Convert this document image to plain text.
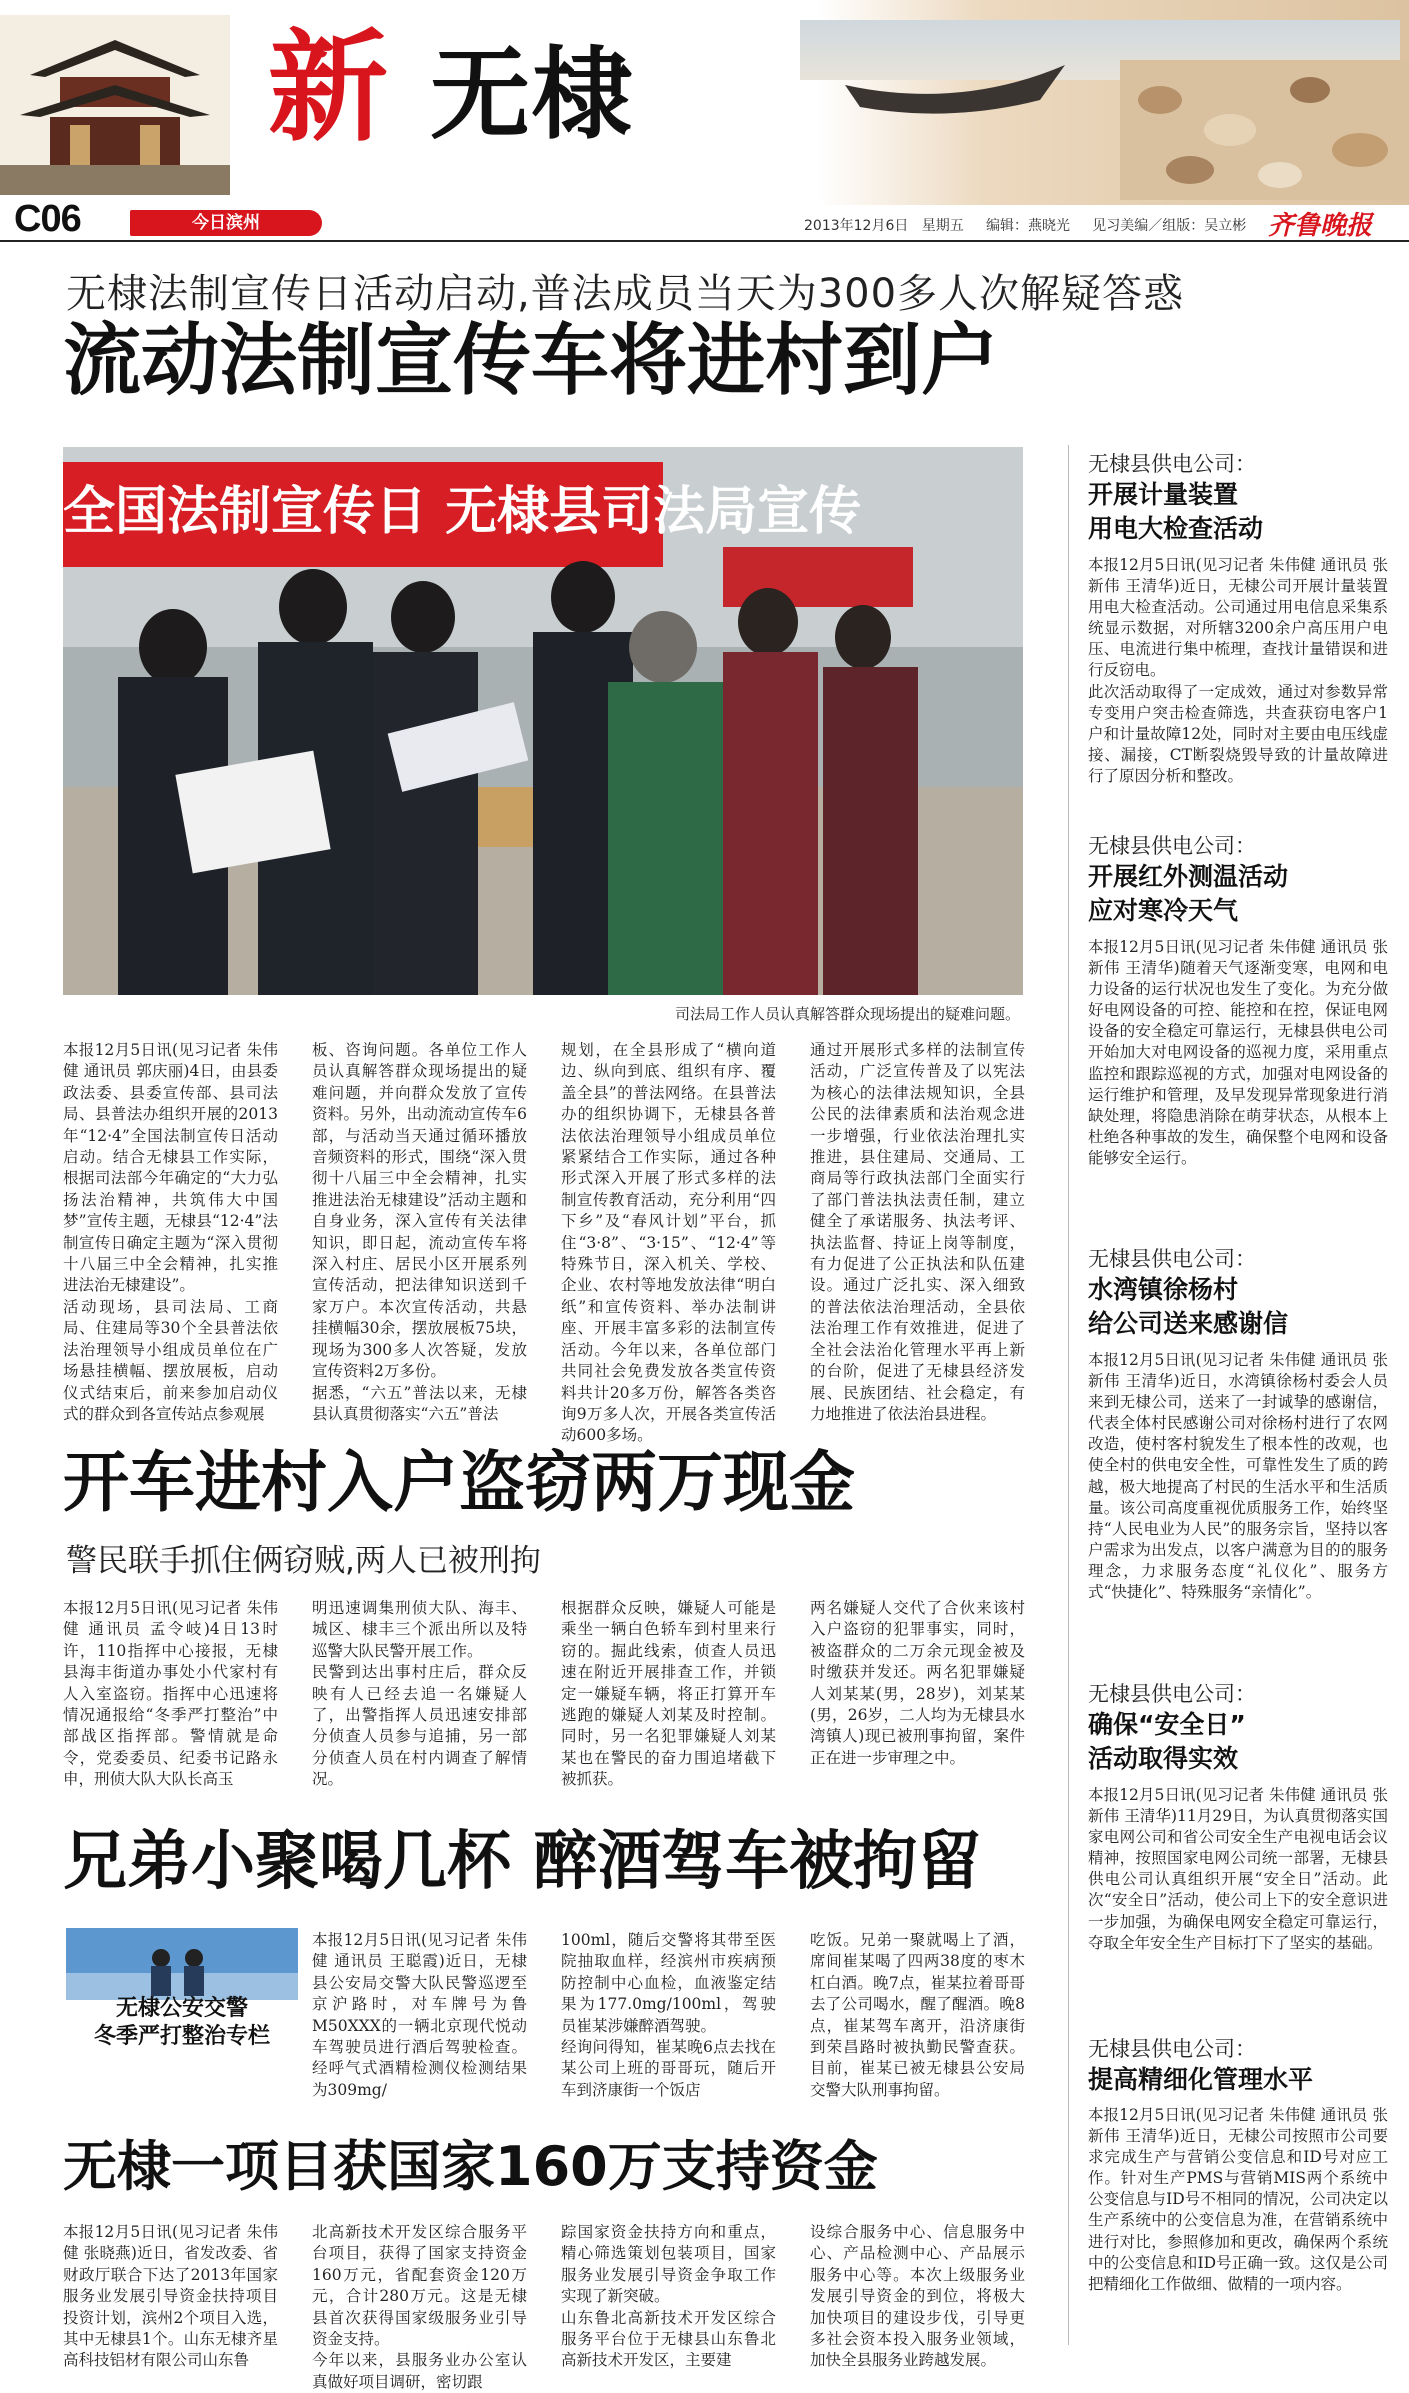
新 无棣
C06	今日滨州	2013年12月6日   星期五     编辑：燕晓光     见习美编／组版：吴立彬 齐鲁晚报
无棣法制宣传日活动启动,普法成员当天为300多人次解疑答惑
流动法制宣传车将进村到户
全国法制宣传日 无棣县司法局宣传
司法局工作人员认真解答群众现场提出的疑难问题。
本报12月5日讯(见习记者 朱伟健 通讯员 郭庆丽)4日，由县委政法委、县委宣传部、县司法局、县普法办组织开展的2013年“12·4”全国法制宣传日活动启动。结合无棣县工作实际，根据司法部今年确定的“大力弘扬法治精神，共筑伟大中国梦”宣传主题，无棣县“12·4”法制宣传日确定主题为“深入贯彻十八届三中全会精神，扎实推进法治无棣建设”。
活动现场，县司法局、工商局、住建局等30个全县普法依法治理领导小组成员单位在广场悬挂横幅、摆放展板，启动仪式结束后，前来参加启动仪式的群众到各宣传站点参观展
板、咨询问题。各单位工作人员认真解答群众现场提出的疑难问题，并向群众发放了宣传资料。另外，出动流动宣传车6部，与活动当天通过循环播放音频资料的形式，围绕“深入贯彻十八届三中全会精神，扎实推进法治无棣建设”活动主题和自身业务，深入宣传有关法律知识，即日起，流动宣传车将深入村庄、居民小区开展系列宣传活动，把法律知识送到千家万户。本次宣传活动，共悬挂横幅30余，摆放展板75块，现场为300多人次答疑，发放宣传资料2万多份。
据悉，“六五”普法以来，无棣县认真贯彻落实“六五”普法
规划，在全县形成了“横向道边、纵向到底、组织有序、覆盖全县”的普法网络。在县普法办的组织协调下，无棣县各普法依法治理领导小组成员单位紧紧结合工作实际，通过各种形式深入开展了形式多样的法制宣传教育活动，充分利用“四下乡”及“春风计划”平台，抓住“3·8”、“3·15”、“12·4”等特殊节日，深入机关、学校、企业、农村等地发放法律“明白纸”和宣传资料、举办法制讲座、开展丰富多彩的法制宣传活动。今年以来，各单位部门共同社会免费发放各类宣传资料共计20多万份，解答各类咨询9万多人次，开展各类宣传活动600多场。
通过开展形式多样的法制宣传活动，广泛宣传普及了以宪法为核心的法律法规知识，全县公民的法律素质和法治观念进一步增强，行业依法治理扎实推进，县住建局、交通局、工商局等行政执法部门全面实行了部门普法执法责任制，建立健全了承诺服务、执法考评、执法监督、持证上岗等制度，有力促进了公正执法和队伍建设。通过广泛扎实、深入细致的普法依法治理活动，全县依法治理工作有效推进，促进了全社会法治化管理水平再上新的台阶，促进了无棣县经济发展、民族团结、社会稳定，有力地推进了依法治县进程。
开车进村入户盗窃两万现金
警民联手抓住俩窃贼,两人已被刑拘
本报12月5日讯(见习记者 朱伟健 通讯员 孟令岐)4日13时许，110指挥中心接报，无棣县海丰街道办事处小代家村有人入室盗窃。指挥中心迅速将情况通报给“冬季严打整治”中部战区指挥部。警情就是命令，党委委员、纪委书记路永申，刑侦大队大队长高玉
明迅速调集刑侦大队、海丰、城区、棣丰三个派出所以及特巡警大队民警开展工作。
民警到达出事村庄后，群众反映有人已经去追一名嫌疑人了，出警指挥人员迅速安排部分侦查人员参与追捕，另一部分侦查人员在村内调查了解情况。
根据群众反映，嫌疑人可能是乘坐一辆白色轿车到村里来行窃的。掘此线索，侦查人员迅速在附近开展排查工作，并锁定一嫌疑车辆，将正打算开车逃跑的嫌疑人刘某及时控制。同时，另一名犯罪嫌疑人刘某某也在警民的奋力围追堵截下被抓获。
两名嫌疑人交代了合伙来该村入户盗窃的犯罪事实，同时，被盗群众的二万余元现金被及时缴获并发还。两名犯罪嫌疑人刘某某(男，28岁)，刘某某(男，26岁，二人均为无棣县水湾镇人)现已被刑事拘留，案件正在进一步审理之中。
兄弟小聚喝几杯 醉酒驾车被拘留
无棣公安交警
冬季严打整治专栏
本报12月5日讯(见习记者 朱伟健 通讯员 王聪霞)近日，无棣县公安局交警大队民警巡逻至京沪路时，对车牌号为鲁M50XXX的一辆北京现代悦动车驾驶员进行酒后驾驶检查。经呼气式酒精检测仪检测结果为309mg/
100ml，随后交警将其带至医院抽取血样，经滨州市疾病预防控制中心血检，血液鉴定结果为177.0mg/100ml，驾驶员崔某涉嫌醉酒驾驶。
经询问得知，崔某晚6点去找在某公司上班的哥哥玩，随后开车到济康街一个饭店
吃饭。兄弟一聚就喝上了酒，席间崔某喝了四两38度的枣木杠白酒。晚7点，崔某拉着哥哥去了公司喝水，醒了醒酒。晚8点，崔某驾车离开，沿济康街到荣昌路时被执勤民警查获。目前，崔某已被无棣县公安局交警大队刑事拘留。
无棣一项目获国家160万支持资金
本报12月5日讯(见习记者 朱伟健 张晓燕)近日，省发改委、省财政厅联合下达了2013年国家服务业发展引导资金扶持项目投资计划，滨州2个项目入选，其中无棣县1个。山东无棣齐星高科技铝材有限公司山东鲁
北高新技术开发区综合服务平台项目，获得了国家支持资金160万元，省配套资金120万元，合计280万元。这是无棣县首次获得国家级服务业引导资金支持。
今年以来，县服务业办公室认真做好项目调研，密切跟
踪国家资金扶持方向和重点，精心筛选策划包装项目，国家服务业发展引导资金争取工作实现了新突破。
山东鲁北高新技术开发区综合服务平台位于无棣县山东鲁北高新技术开发区，主要建
设综合服务中心、信息服务中心、产品检测中心、产品展示服务中心等。本次上级服务业发展引导资金的到位，将极大加快项目的建设步伐，引导更多社会资本投入服务业领域，加快全县服务业跨越发展。
无棣县供电公司：
开展计量装置
用电大检查活动
本报12月5日讯(见习记者 朱伟健 通讯员 张新伟 王清华)近日，无棣公司开展计量装置用电大检查活动。公司通过用电信息采集系统显示数据，对所辖3200余户高压用户电压、电流进行集中梳理，查找计量错误和进行反窃电。
此次活动取得了一定成效，通过对参数异常专变用户突击检查筛选，共查获窃电客户1户和计量故障12处，同时对主要由电压线虚接、漏接，CT断裂烧毁导致的计量故障进行了原因分析和整改。
无棣县供电公司：
开展红外测温活动
应对寒冷天气
本报12月5日讯(见习记者 朱伟健 通讯员 张新伟 王清华)随着天气逐渐变寒，电网和电力设备的运行状况也发生了变化。为充分做好电网设备的可控、能控和在控，保证电网设备的安全稳定可靠运行，无棣县供电公司开始加大对电网设备的巡视力度，采用重点监控和跟踪巡视的方式，加强对电网设备的运行维护和管理，及早发现异常现象进行消缺处理，将隐患消除在萌芽状态，从根本上杜绝各种事故的发生，确保整个电网和设备能够安全运行。
无棣县供电公司：
水湾镇徐杨村
给公司送来感谢信
本报12月5日讯(见习记者 朱伟健 通讯员 张新伟 王清华)近日，水湾镇徐杨村委会人员来到无棣公司，送来了一封诚挚的感谢信，代表全体村民感谢公司对徐杨村进行了农网改造，使村客村貌发生了根本性的改观，也使全村的供电安全性，可靠性发生了质的跨越，极大地提高了村民的生活水平和生活质量。该公司高度重视优质服务工作，始终坚持“人民电业为人民”的服务宗旨，坚持以客户需求为出发点，以客户满意为目的的服务理念，力求服务态度“礼仪化”、服务方式“快捷化”、特殊服务“亲情化”。
无棣县供电公司：
确保“安全日”
活动取得实效
本报12月5日讯(见习记者 朱伟健 通讯员 张新伟 王清华)11月29日，为认真贯彻落实国家电网公司和省公司安全生产电视电话会议精神，按照国家电网公司统一部署，无棣县供电公司认真组织开展“安全日”活动。此次“安全日”活动，使公司上下的安全意识进一步加强，为确保电网安全稳定可靠运行，夺取全年安全生产目标打下了坚实的基础。
无棣县供电公司：
提高精细化管理水平
本报12月5日讯(见习记者 朱伟健 通讯员 张新伟 王清华)近日，无棣公司按照市公司要求完成生产与营销公变信息和ID号对应工作。针对生产PMS与营销MIS两个系统中公变信息与ID号不相同的情况，公司决定以生产系统中的公变信息为准，在营销系统中进行对比，参照修加和更改，确保两个系统中的公变信息和ID号正确一致。这仅是公司把精细化工作做细、做精的一项内容。
